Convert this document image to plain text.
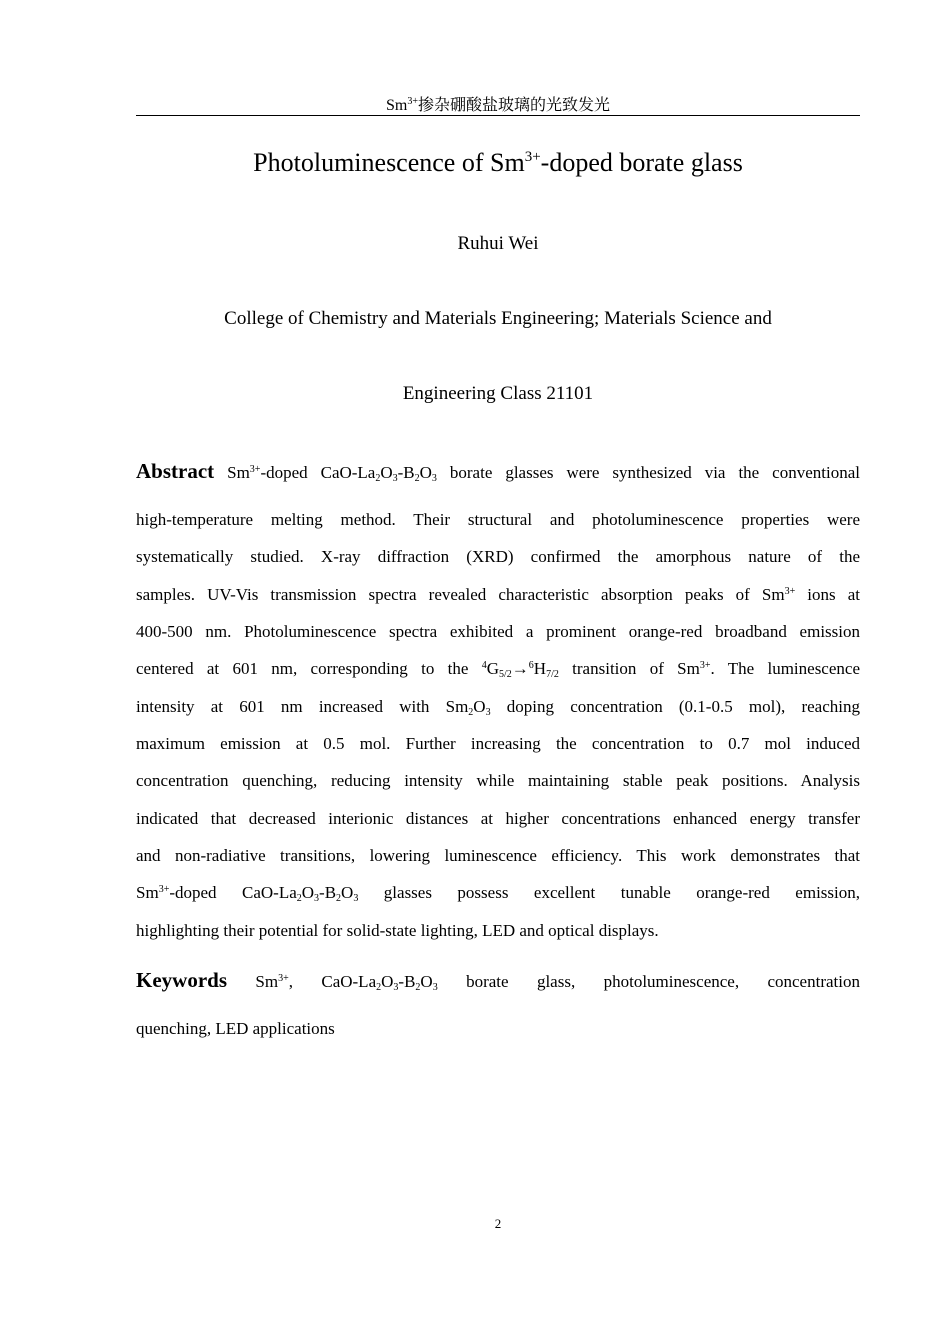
$Sm^{3+}$掺杂硼酸盐玻璃的光致发光
Photoluminescence of $Sm^{3+}$-doped borate glass
Ruhui Wei
College of Chemistry and Materials Engineering; Materials Science and
Engineering Class 21101
Abstract $Sm^{3+}$-doped CaO-$La_2O_3-B_2O_3$ borate glasses were synthesized via the conventional
high-temperature melting method. Their structural and photoluminescence properties were
systematically studied. X-ray diffraction (XRD) confirmed the amorphous nature of the
samples. UV-Vis transmission spectra revealed characteristic absorption peaks of $Sm^{3+}$ ions at
400-500 nm. Photoluminescence spectra exhibited a prominent orange-red broadband emission
centered at 601 nm, corresponding to the $^4G_{5/2}\to^6H_{7/2}$ transition of $Sm^{3+}$. The luminescence
intensity at 601 nm increased with $Sm_2O_3$ doping concentration (0.1-0.5 mol), reaching
maximum emission at 0.5 mol. Further increasing the concentration to 0.7 mol induced
concentration quenching, reducing intensity while maintaining stable peak positions. Analysis
indicated that decreased interionic distances at higher concentrations enhanced energy transfer
and non-radiative transitions, lowering luminescence efficiency. This work demonstrates that
$Sm^{3+}$-doped CaO-$La_2O_3-B_2O_3$ glasses possess excellent tunable orange-red emission,
highlighting their potential for solid-state lighting, LED and optical displays.
Keywords $Sm^{3+}$, CaO-$La_2O_3-B_2O_3$ borate glass, photoluminescence, concentration
quenching, LED applications
2
